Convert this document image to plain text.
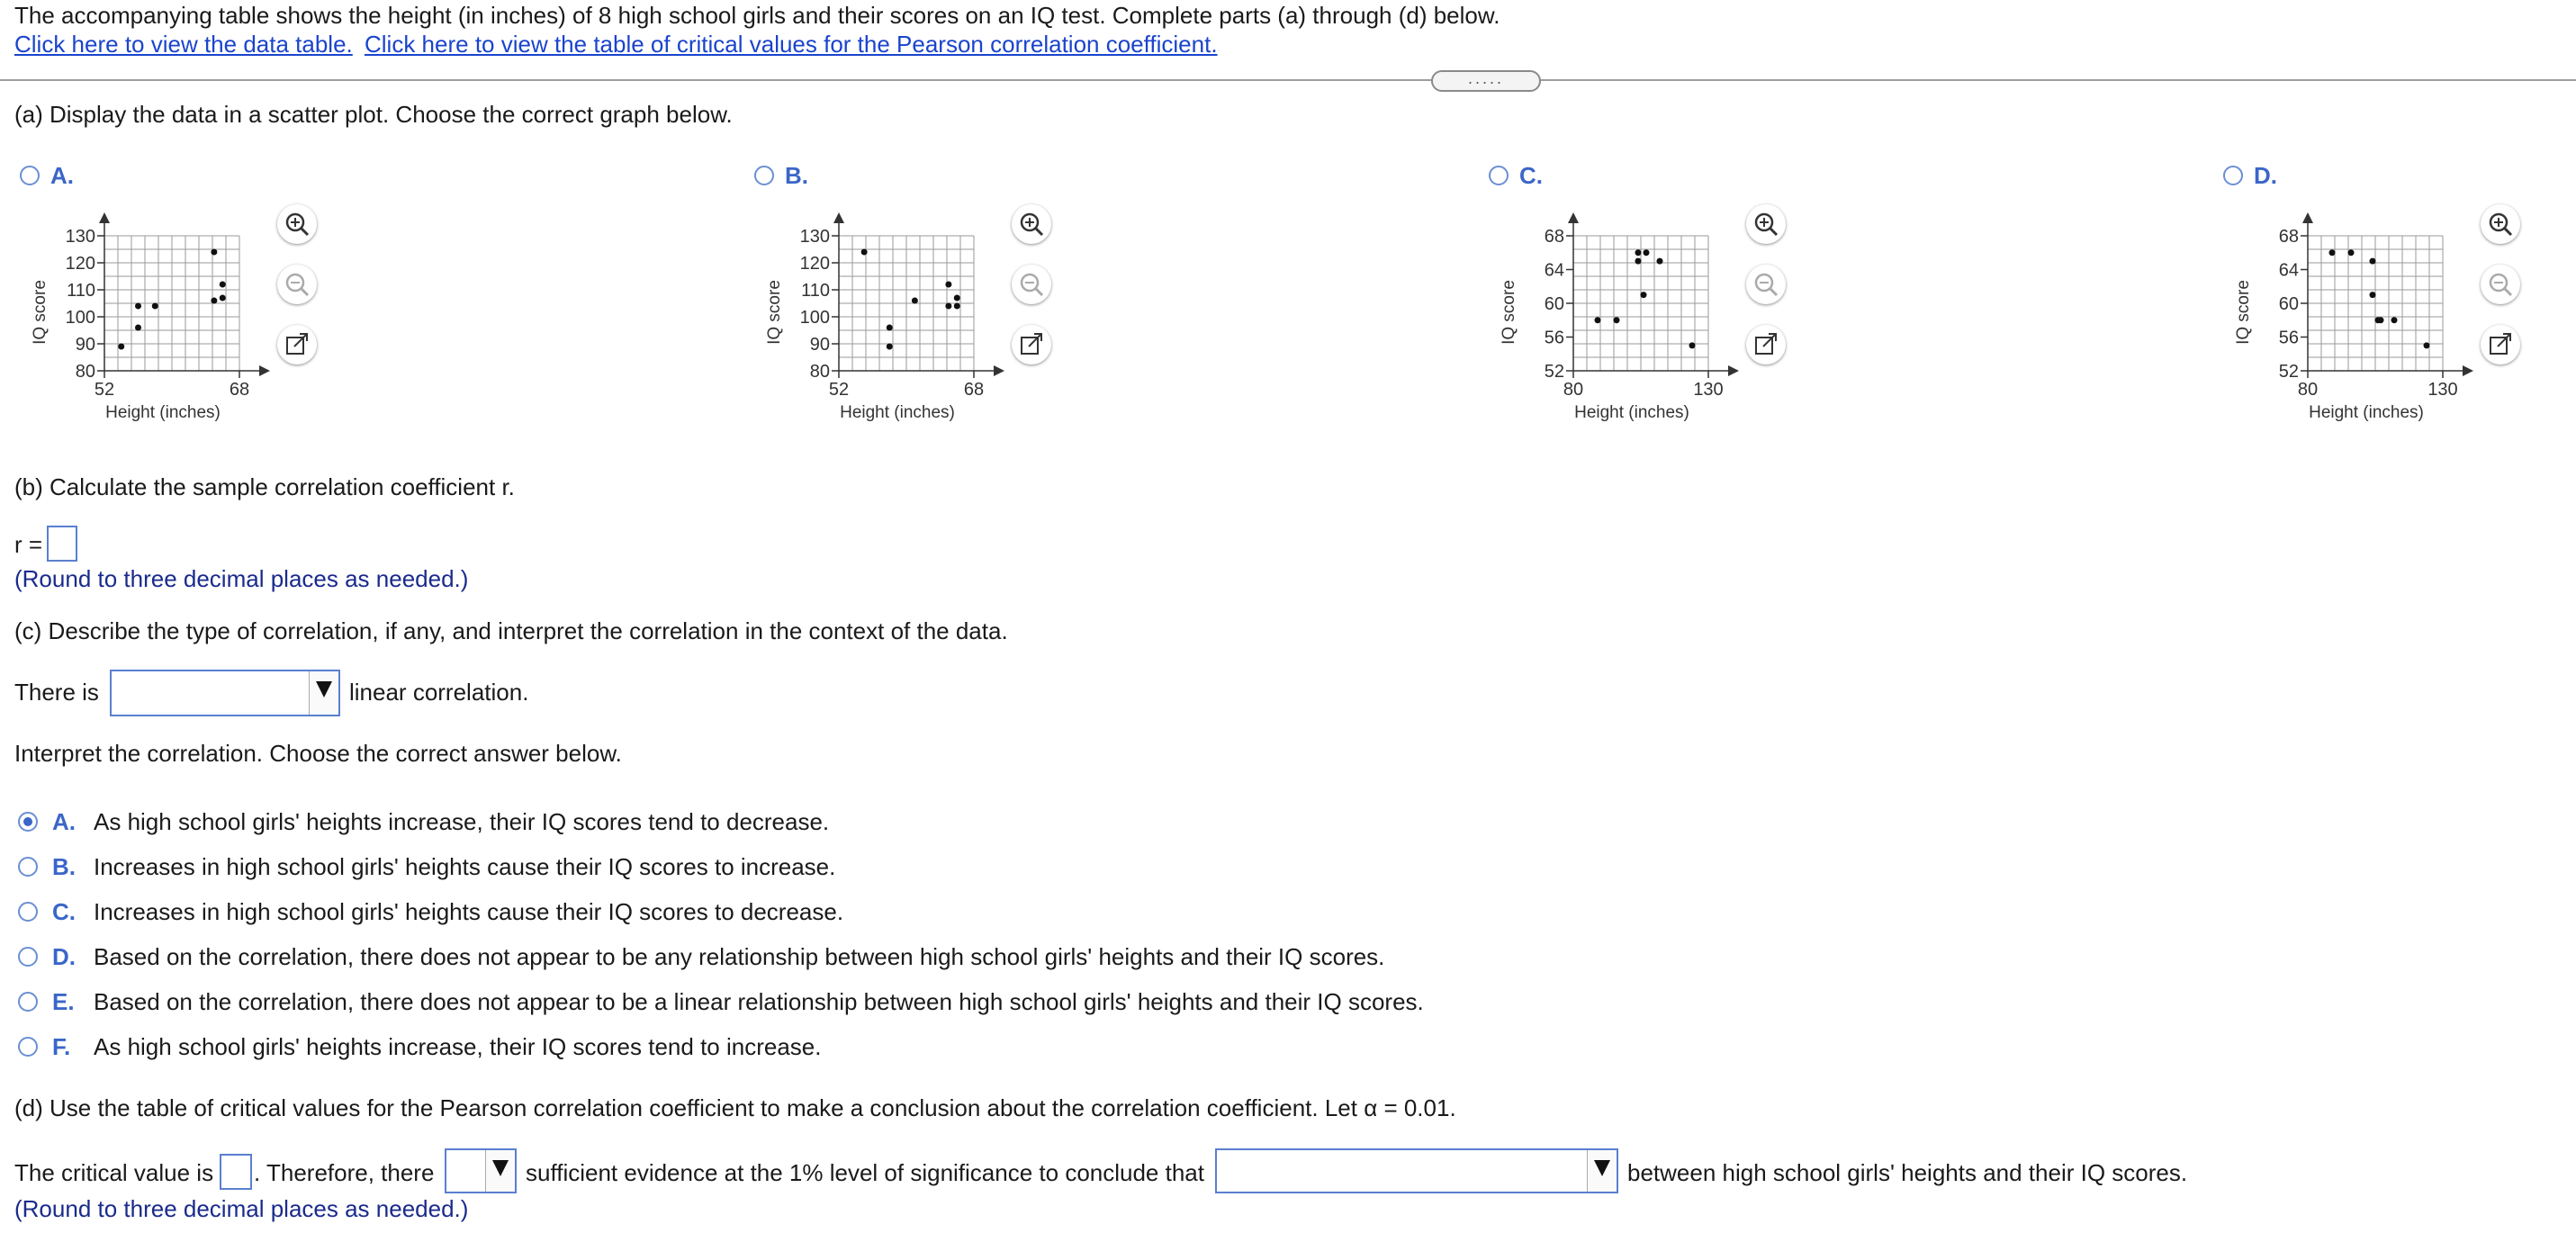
The accompanying table shows the height (in inches) of 8 high school girls and their scores on an IQ test. Complete parts (a) through (d) below.
Click here to view the data table. Click here to view the table of critical values for the Pearson correlation coefficient.
.....
(a) Display the data in a scatter plot. Choose the correct graph below.
A.
130
120
110
100
90
80
52	68
Height (inches)
IQ score
B.
130
120
110
100
90
80
52	68
Height (inches)
IQ score
C.
68
64
60
56
52
80	130
Height (inches)
IQ score
D.
68
64
60
56
52
80	130
Height (inches)
IQ score
(b) Calculate the sample correlation coefficient r.
r =
(Round to three decimal places as needed.)
(c) Describe the type of correlation, if any, and interpret the correlation in the context of the data.
There is	linear correlation.
Interpret the correlation. Choose the correct answer below.
A. As high school girls' heights increase, their IQ scores tend to decrease.
B. Increases in high school girls' heights cause their IQ scores to increase.
C. Increases in high school girls' heights cause their IQ scores to decrease.
D. Based on the correlation, there does not appear to be any relationship between high school girls' heights and their IQ scores.
E. Based on the correlation, there does not appear to be a linear relationship between high school girls' heights and their IQ scores.
F. As high school girls' heights increase, their IQ scores tend to increase.
(d) Use the table of critical values for the Pearson correlation coefficient to make a conclusion about the correlation coefficient. Let α = 0.01.
The critical value is . Therefore, there	sufficient evidence at the 1% level of significance to conclude that	between high school girls' heights and their IQ scores.
(Round to three decimal places as needed.)
